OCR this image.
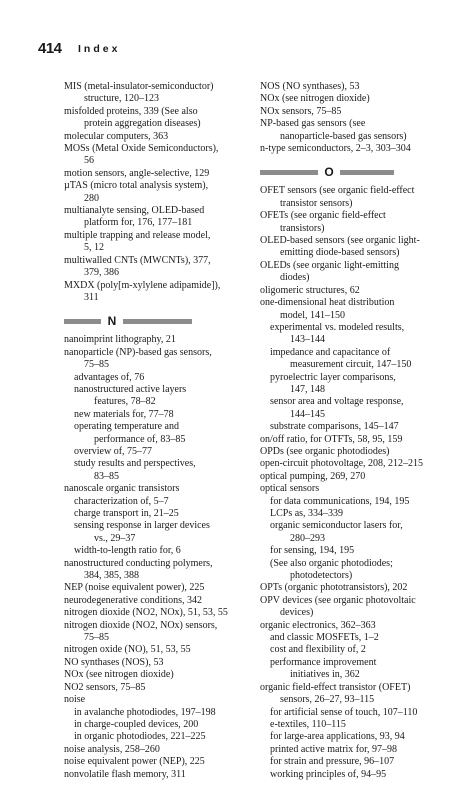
414 Index
MIS (metal-insulator-semiconductor)
structure, 120–123
misfolded proteins, 339 (See also
protein aggregation diseases)
molecular computers, 363
MOSs (Metal Oxide Semiconductors),
56
motion sensors, angle-selective, 129
µTAS (micro total analysis system),
280
multianalyte sensing, OLED-based
platform for, 176, 177–181
multiple trapping and release model,
5, 12
multiwalled CNTs (MWCNTs), 377,
379, 386
MXDX (poly[m-xylylene adipamide]),
311
N
nanoimprint lithography, 21
nanoparticle (NP)-based gas sensors,
75–85
advantages of, 76
nanostructured active layers
features, 78–82
new materials for, 77–78
operating temperature and
performance of, 83–85
overview of, 75–77
study results and perspectives,
83–85
nanoscale organic transistors
characterization of, 5–7
charge transport in, 21–25
sensing response in larger devices
vs., 29–37
width-to-length ratio for, 6
nanostructured conducting polymers,
384, 385, 388
NEP (noise equivalent power), 225
neurodegenerative conditions, 342
nitrogen dioxide (NO2, NOx), 51, 53, 55
nitrogen dioxide (NO2, NOx) sensors,
75–85
nitrogen oxide (NO), 51, 53, 55
NO synthases (NOS), 53
NOx (see nitrogen dioxide)
NO2 sensors, 75–85
noise
in avalanche photodiodes, 197–198
in charge-coupled devices, 200
in organic photodiodes, 221–225
noise analysis, 258–260
noise equivalent power (NEP), 225
nonvolatile flash memory, 311
NOS (NO synthases), 53
NOx (see nitrogen dioxide)
NOx sensors, 75–85
NP-based gas sensors (see
nanoparticle-based gas sensors)
n-type semiconductors, 2–3, 303–304
O
OFET sensors (see organic field-effect
transistor sensors)
OFETs (see organic field-effect
transistors)
OLED-based sensors (see organic light-
emitting diode-based sensors)
OLEDs (see organic light-emitting
diodes)
oligomeric structures, 62
one-dimensional heat distribution
model, 141–150
experimental vs. modeled results,
143–144
impedance and capacitance of
measurement circuit, 147–150
pyroelectric layer comparisons,
147, 148
sensor area and voltage response,
144–145
substrate comparisons, 145–147
on/off ratio, for OTFTs, 58, 95, 159
OPDs (see organic photodiodes)
open-circuit photovoltage, 208, 212–215
optical pumping, 269, 270
optical sensors
for data communications, 194, 195
LCPs as, 334–339
organic semiconductor lasers for,
280–293
for sensing, 194, 195
(See also organic photodiodes;
photodetectors)
OPTs (organic phototransistors), 202
OPV devices (see organic photovoltaic
devices)
organic electronics, 362–363
and classic MOSFETs, 1–2
cost and flexibility of, 2
performance improvement
initiatives in, 362
organic field-effect transistor (OFET)
sensors, 26–27, 93–115
for artificial sense of touch, 107–110
e-textiles, 110–115
for large-area applications, 93, 94
printed active matrix for, 97–98
for strain and pressure, 96–107
working principles of, 94–95
